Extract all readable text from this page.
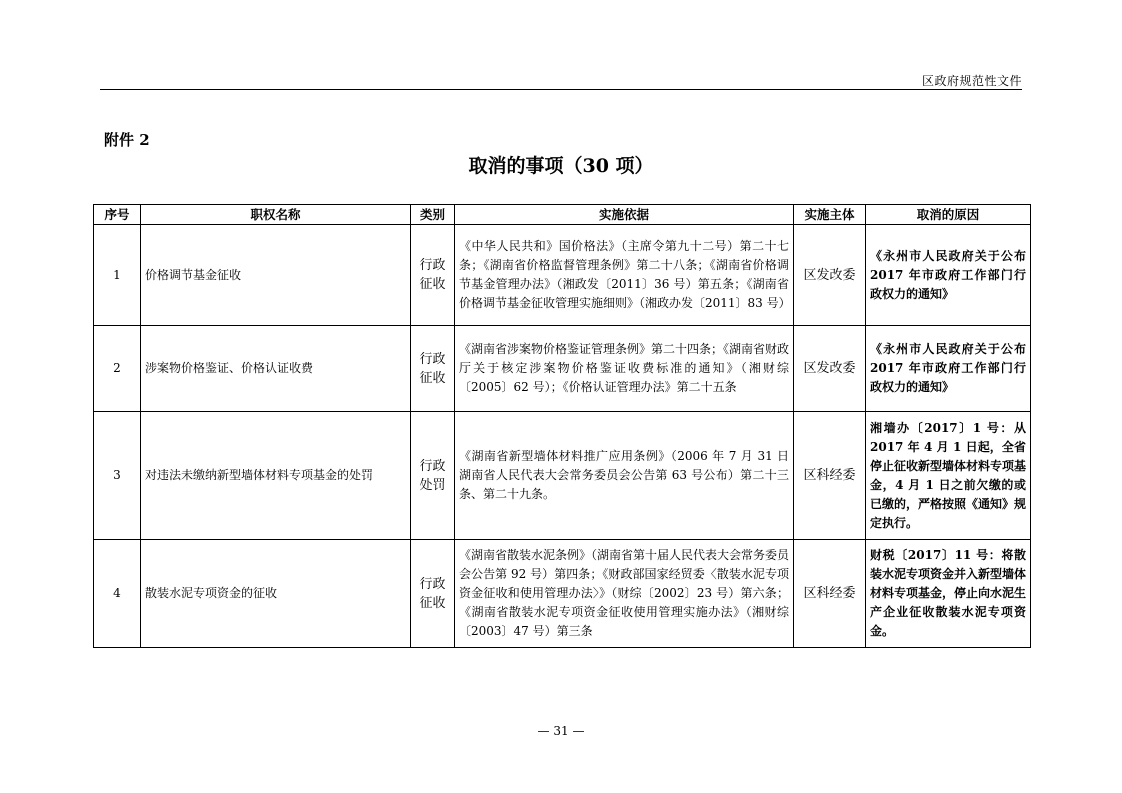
区政府规范性文件
附件 2
取消的事项（30 项）
序号	职权名称	类别	实施依据	实施主体	取消的原因
1	价格调节基金征收	行政征收	《中华人民共和》国价格法》（主席令第九十二号）第二十七条；《湖南省价格监督管理条例》第二十八条；《湖南省价格调节基金管理办法》（湘政发〔2011〕36 号）第五条；《湖南省价格调节基金征收管理实施细则》（湘政办发〔2011〕83 号）	区发改委	《永州市人民政府关于公布 2017 年市政府工作部门行政权力的通知》
2	涉案物价格鉴证、价格认证收费	行政征收	《湖南省涉案物价格鉴证管理条例》第二十四条；《湖南省财政厅关于核定涉案物价格鉴证收费标准的通知》（湘财综〔2005〕62 号）；《价格认证管理办法》第二十五条	区发改委	《永州市人民政府关于公布 2017 年市政府工作部门行政权力的通知》
3	对违法未缴纳新型墙体材料专项基金的处罚	行政处罚	《湖南省新型墙体材料推广应用条例》（2006 年 7 月 31 日湖南省人民代表大会常务委员会公告第 63 号公布）第二十三条、第二十九条。	区科经委	湘墙办〔2017〕1 号：从 2017 年 4 月 1 日起，全省停止征收新型墙体材料专项基金，4 月 1 日之前欠缴的或已缴的，严格按照《通知》规定执行。
4	散装水泥专项资金的征收	行政征收	《湖南省散装水泥条例》（湖南省第十届人民代表大会常务委员会公告第 92 号）第四条；《财政部国家经贸委〈散装水泥专项资金征收和使用管理办法〉》（财综〔2002〕23 号）第六条；《湖南省散装水泥专项资金征收使用管理实施办法》（湘财综〔2003〕47 号）第三条	区科经委	财税〔2017〕11 号：将散装水泥专项资金并入新型墙体材料专项基金，停止向水泥生产企业征收散装水泥专项资金。
— 31 —
